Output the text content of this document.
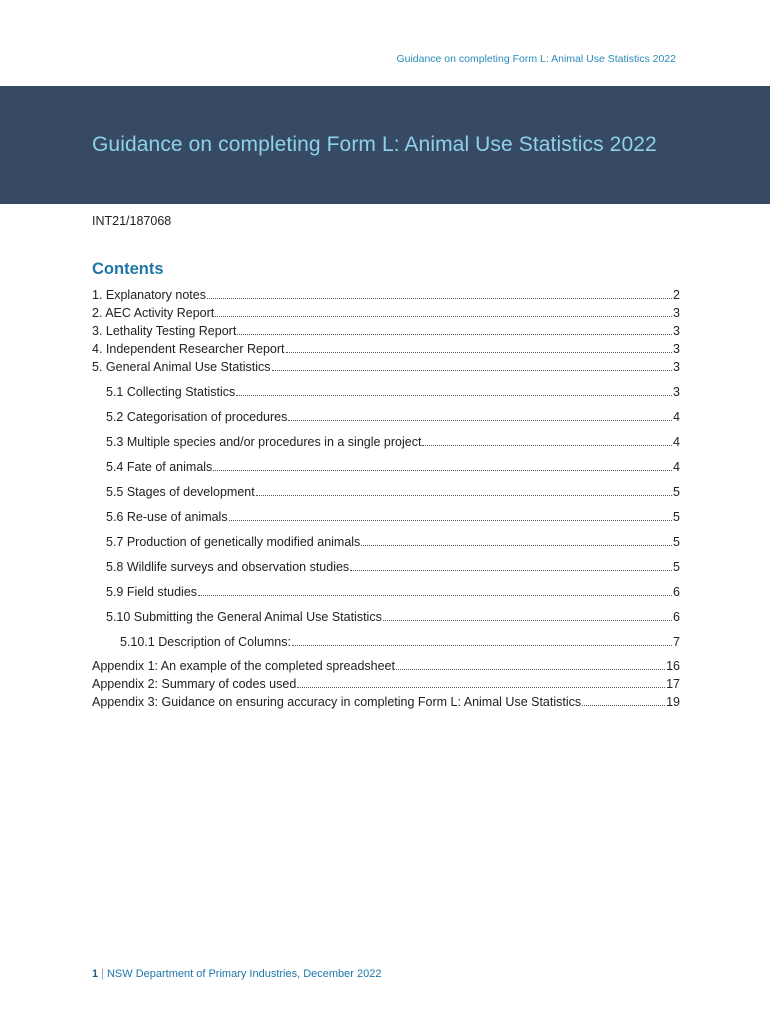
Guidance on completing Form L: Animal Use Statistics 2022
Guidance on completing Form L: Animal Use Statistics 2022
INT21/187068
Contents
1. Explanatory notes	2
2. AEC Activity Report	3
3. Lethality Testing Report	3
4. Independent Researcher Report	3
5. General Animal Use Statistics	3
5.1 Collecting Statistics	3
5.2 Categorisation of procedures	4
5.3 Multiple species and/or procedures in a single project	4
5.4 Fate of animals	4
5.5 Stages of development	5
5.6 Re-use of animals	5
5.7 Production of genetically modified animals	5
5.8 Wildlife surveys and observation studies	5
5.9 Field studies	6
5.10 Submitting the General Animal Use Statistics	6
5.10.1 Description of Columns:	7
Appendix 1: An example of the completed spreadsheet	16
Appendix 2: Summary of codes used	17
Appendix 3: Guidance on ensuring accuracy in completing Form L: Animal Use Statistics	19
1 | NSW Department of Primary Industries, December 2022
